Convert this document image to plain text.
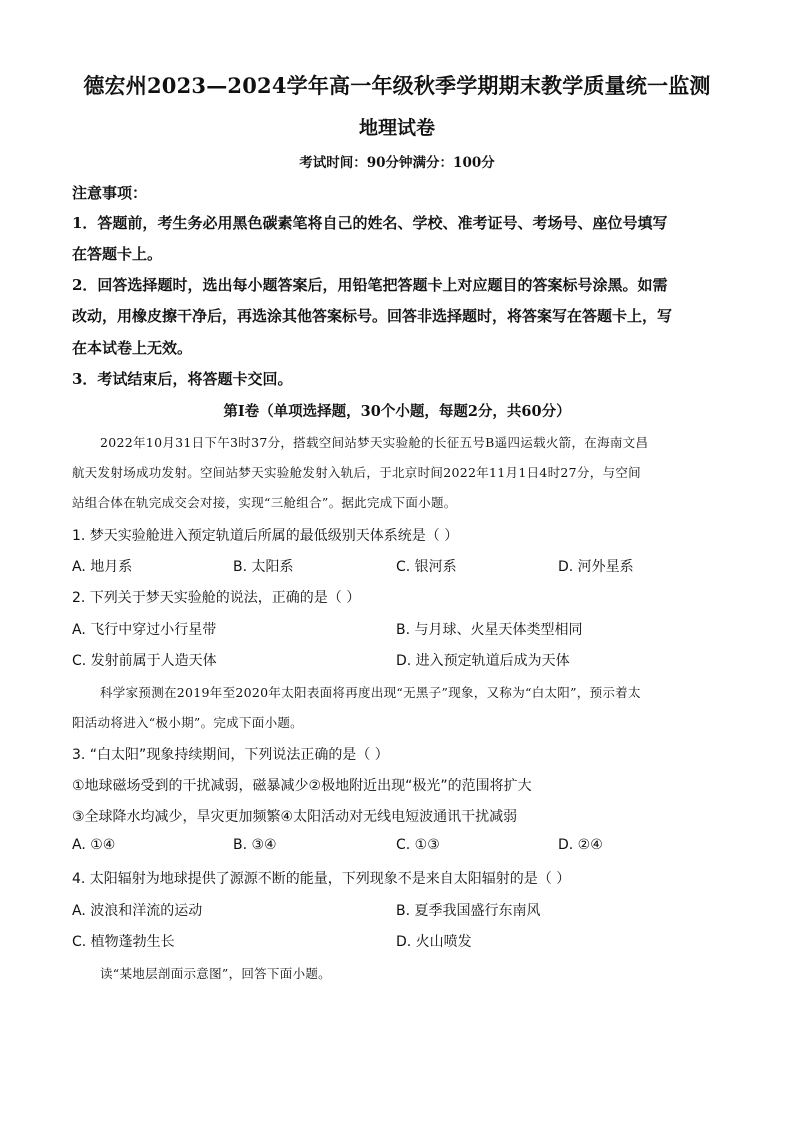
德宏州2023—2024学年高一年级秋季学期期末教学质量统一监测
地理试卷
考试时间：90分钟满分：100分
注意事项：
1．答题前，考生务必用黑色碳素笔将自己的姓名、学校、准考证号、考场号、座位号填写
在答题卡上。
2．回答选择题时，选出每小题答案后，用铅笔把答题卡上对应题目的答案标号涂黑。如需
改动，用橡皮擦干净后，再选涂其他答案标号。回答非选择题时，将答案写在答题卡上，写
在本试卷上无效。
3．考试结束后，将答题卡交回。
第Ⅰ卷（单项选择题，30个小题，每题2分，共60分）
2022年10月31日下午3时37分，搭载空间站梦天实验舱的长征五号B遥四运载火箭，在海南文昌
航天发射场成功发射。空间站梦天实验舱发射入轨后，于北京时间2022年11月1日4时27分，与空间
站组合体在轨完成交会对接，实现“三舱组合”。据此完成下面小题。
1. 梦天实验舱进入预定轨道后所属的最低级别天体系统是（ ）
A. 地月系	B. 太阳系	C. 银河系	D. 河外星系
2. 下列关于梦天实验舱的说法，正确的是（ ）
A. 飞行中穿过小行星带	B. 与月球、火星天体类型相同
C. 发射前属于人造天体	D. 进入预定轨道后成为天体
科学家预测在2019年至2020年太阳表面将再度出现“无黑子”现象，又称为“白太阳”，预示着太
阳活动将进入“极小期”。完成下面小题。
3. “白太阳”现象持续期间，下列说法正确的是（ ）
①地球磁场受到的干扰减弱，磁暴减少②极地附近出现“极光”的范围将扩大
③全球降水均减少，旱灾更加频繁④太阳活动对无线电短波通讯干扰减弱
A. ①④	B. ③④	C. ①③	D. ②④
4. 太阳辐射为地球提供了源源不断的能量，下列现象不是来自太阳辐射的是（ ）
A. 波浪和洋流的运动	B. 夏季我国盛行东南风
C. 植物蓬勃生长	D. 火山喷发
读“某地层剖面示意图”，回答下面小题。
